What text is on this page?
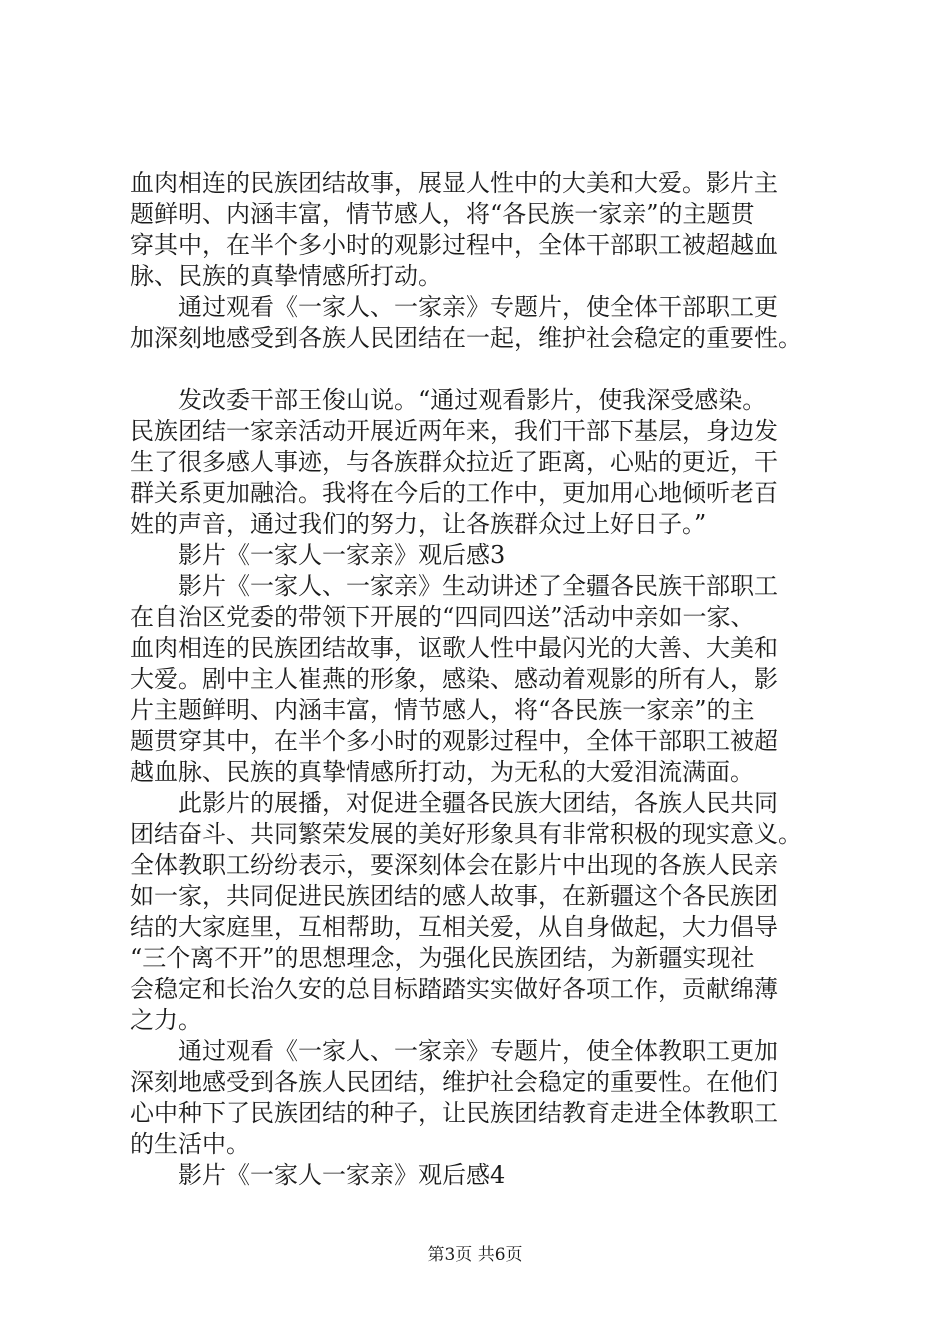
血肉相连的民族团结故事，展显人性中的大美和大爱。影片主
题鲜明、内涵丰富，情节感人，将“各民族一家亲”的主题贯
穿其中，在半个多小时的观影过程中，全体干部职工被超越血
脉、民族的真挚情感所打动。
通过观看《一家人、一家亲》专题片，使全体干部职工更
加深刻地感受到各族人民团结在一起，维护社会稳定的重要性。
发改委干部王俊山说。“通过观看影片，使我深受感染。
民族团结一家亲活动开展近两年来，我们干部下基层，身边发
生了很多感人事迹，与各族群众拉近了距离，心贴的更近，干
群关系更加融洽。我将在今后的工作中，更加用心地倾听老百
姓的声音，通过我们的努力，让各族群众过上好日子。”
影片《一家人一家亲》观后感3
影片《一家人、一家亲》生动讲述了全疆各民族干部职工
在自治区党委的带领下开展的“四同四送”活动中亲如一家、
血肉相连的民族团结故事，讴歌人性中最闪光的大善、大美和
大爱。剧中主人崔燕的形象，感染、感动着观影的所有人，影
片主题鲜明、内涵丰富，情节感人，将“各民族一家亲”的主
题贯穿其中，在半个多小时的观影过程中，全体干部职工被超
越血脉、民族的真挚情感所打动，为无私的大爱泪流满面。
此影片的展播，对促进全疆各民族大团结，各族人民共同
团结奋斗、共同繁荣发展的美好形象具有非常积极的现实意义。
全体教职工纷纷表示，要深刻体会在影片中出现的各族人民亲
如一家，共同促进民族团结的感人故事，在新疆这个各民族团
结的大家庭里，互相帮助，互相关爱，从自身做起，大力倡导
“三个离不开”的思想理念，为强化民族团结，为新疆实现社
会稳定和长治久安的总目标踏踏实实做好各项工作，贡献绵薄
之力。
通过观看《一家人、一家亲》专题片，使全体教职工更加
深刻地感受到各族人民团结，维护社会稳定的重要性。在他们
心中种下了民族团结的种子，让民族团结教育走进全体教职工
的生活中。
影片《一家人一家亲》观后感4
第3页 共6页
